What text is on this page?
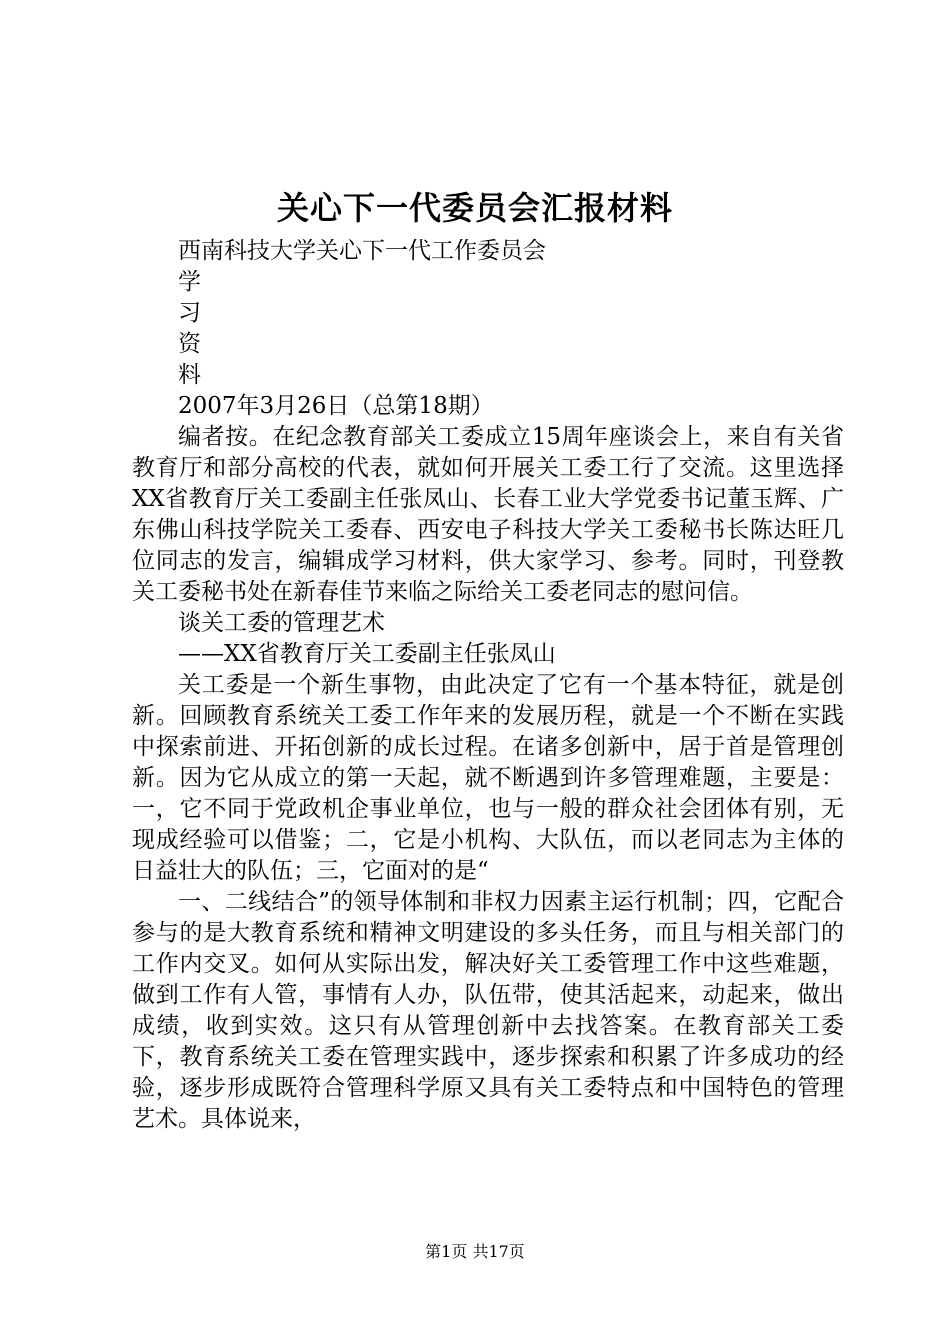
关心下一代委员会汇报材料

西南科技大学关心下一代工作委员会

学

习

资

料

2007年3月26日（总第18期）

编者按。在纪念教育部关工委成立15周年座谈会上，来自有关省教育厅和部分高校的代表，就如何开展关工委工行了交流。这里选择XX省教育厅关工委副主任张凤山、长春工业大学党委书记董玉辉、广东佛山科技学院关工委春、西安电子科技大学关工委秘书长陈达旺几位同志的发言，编辑成学习材料，供大家学习、参考。同时，刊登教关工委秘书处在新春佳节来临之际给关工委老同志的慰问信。

谈关工委的管理艺术

——XX省教育厅关工委副主任张凤山

关工委是一个新生事物，由此决定了它有一个基本特征，就是创新。回顾教育系统关工委工作年来的发展历程，就是一个不断在实践中探索前进、开拓创新的成长过程。在诸多创新中，居于首是管理创新。因为它从成立的第一天起，就不断遇到许多管理难题，主要是：一，它不同于党政机企事业单位，也与一般的群众社会团体有别，无现成经验可以借鉴；二，它是小机构、大队伍，而以老同志为主体的日益壮大的队伍；三，它面对的是“

一、二线结合”的领导体制和非权力因素主运行机制；四，它配合参与的是大教育系统和精神文明建设的多头任务，而且与相关部门的工作内交叉。如何从实际出发，解决好关工委管理工作中这些难题，做到工作有人管，事情有人办，队伍带，使其活起来，动起来，做出成绩，收到实效。这只有从管理创新中去找答案。在教育部关工委下，教育系统关工委在管理实践中，逐步探索和积累了许多成功的经验，逐步形成既符合管理科学原又具有关工委特点和中国特色的管理艺术。具体说来，

第1页 共17页
